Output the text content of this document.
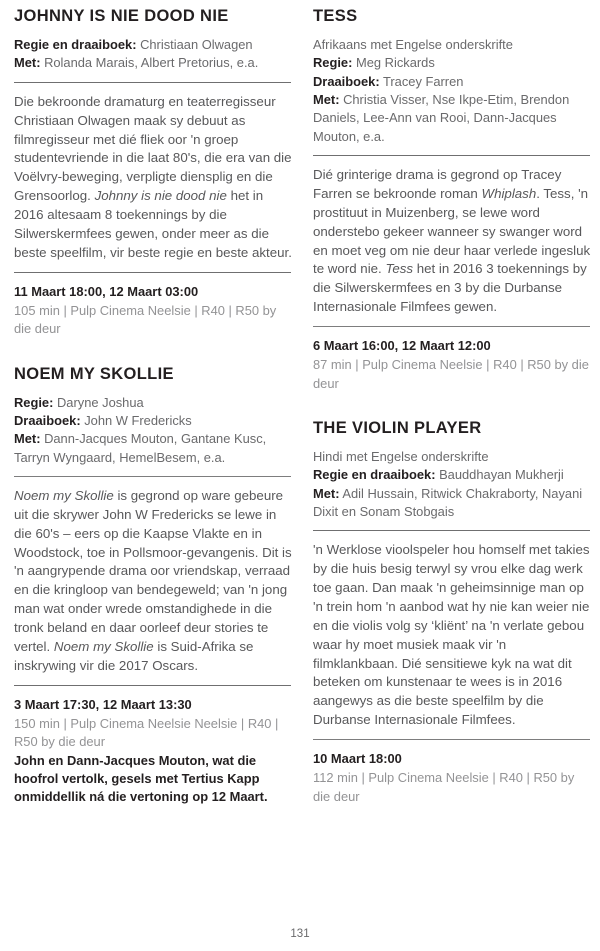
JOHNNY IS NIE DOOD NIE
Regie en draaiboek: Christiaan Olwagen
Met: Rolanda Marais, Albert Pretorius, e.a.

Die bekroonde dramaturg en teaterregisseur Christiaan Olwagen maak sy debuut as filmregisseur met dié fliek oor 'n groep studentevriende in die laat 80's, die era van die Voëlvry-beweging, verpligte diensplig en die Grensoorlog. Johnny is nie dood nie het in 2016 altesaam 8 toekennings by die Silwerskermfees gewen, onder meer as die beste speelfilm, vir beste regie en beste akteur.

11 Maart 18:00, 12 Maart 03:00

105 min | Pulp Cinema Neelsie | R40 | R50 by die deur

NOEM MY SKOLLIE
Regie: Daryne Joshua
Draaiboek: John W Fredericks
Met: Dann-Jacques Mouton, Gantane Kusc, Tarryn Wyngaard, HemelBesem, e.a.

Noem my Skollie is gegrond op ware gebeure uit die skrywer John W Fredericks se lewe in die 60's – eers op die Kaapse Vlakte en in Woodstock, toe in Pollsmoor-gevangenis. Dit is 'n aangrypende drama oor vriendskap, verraad en die kringloop van bendegeweld; van 'n jong man wat onder wrede omstandighede in die tronk beland en daar oorleef deur stories te vertel. Noem my Skollie is Suid-Afrika se inskrywing vir die 2017 Oscars.

3 Maart 17:30, 12 Maart 13:30

150 min | Pulp Cinema Neelsie Neelsie | R40 | R50 by die deur

John en Dann-Jacques Mouton, wat die hoofrol vertolk, gesels met Tertius Kapp onmiddellik ná die vertoning op 12 Maart.

TESS
Afrikaans met Engelse onderskrifte
Regie: Meg Rickards
Draaiboek: Tracey Farren
Met: Christia Visser, Nse Ikpe-Etim, Brendon Daniels, Lee-Ann van Rooi, Dann-Jacques Mouton, e.a.

Dié grinterige drama is gegrond op Tracey Farren se bekroonde roman Whiplash. Tess, 'n prostituut in Muizenberg, se lewe word onderstebo gekeer wanneer sy swanger word en moet veg om nie deur haar verlede ingesluk te word nie. Tess het in 2016 3 toekennings by die Silwerskermfees en 3 by die Durbanse Internasionale Filmfees gewen.

6 Maart 16:00, 12 Maart 12:00

87 min | Pulp Cinema Neelsie | R40 | R50 by die deur

THE VIOLIN PLAYER
Hindi met Engelse onderskrifte
Regie en draaiboek: Bauddhayan Mukherji
Met: Adil Hussain, Ritwick Chakraborty, Nayani Dixit en Sonam Stobgais

'n Werklose vioolspeler hou homself met takies by die huis besig terwyl sy vrou elke dag werk toe gaan. Dan maak 'n geheimsinnige man op 'n trein hom 'n aanbod wat hy nie kan weier nie en die violis volg sy ‘kliënt’ na 'n verlate gebou waar hy moet musiek maak vir 'n filmklankbaan. Dié sensitiewe kyk na wat dit beteken om kunstenaar te wees is in 2016 aangewys as die beste speelfilm by die Durbanse Internasionale Filmfees.

10 Maart 18:00

112 min | Pulp Cinema Neelsie | R40 | R50 by die deur

131
